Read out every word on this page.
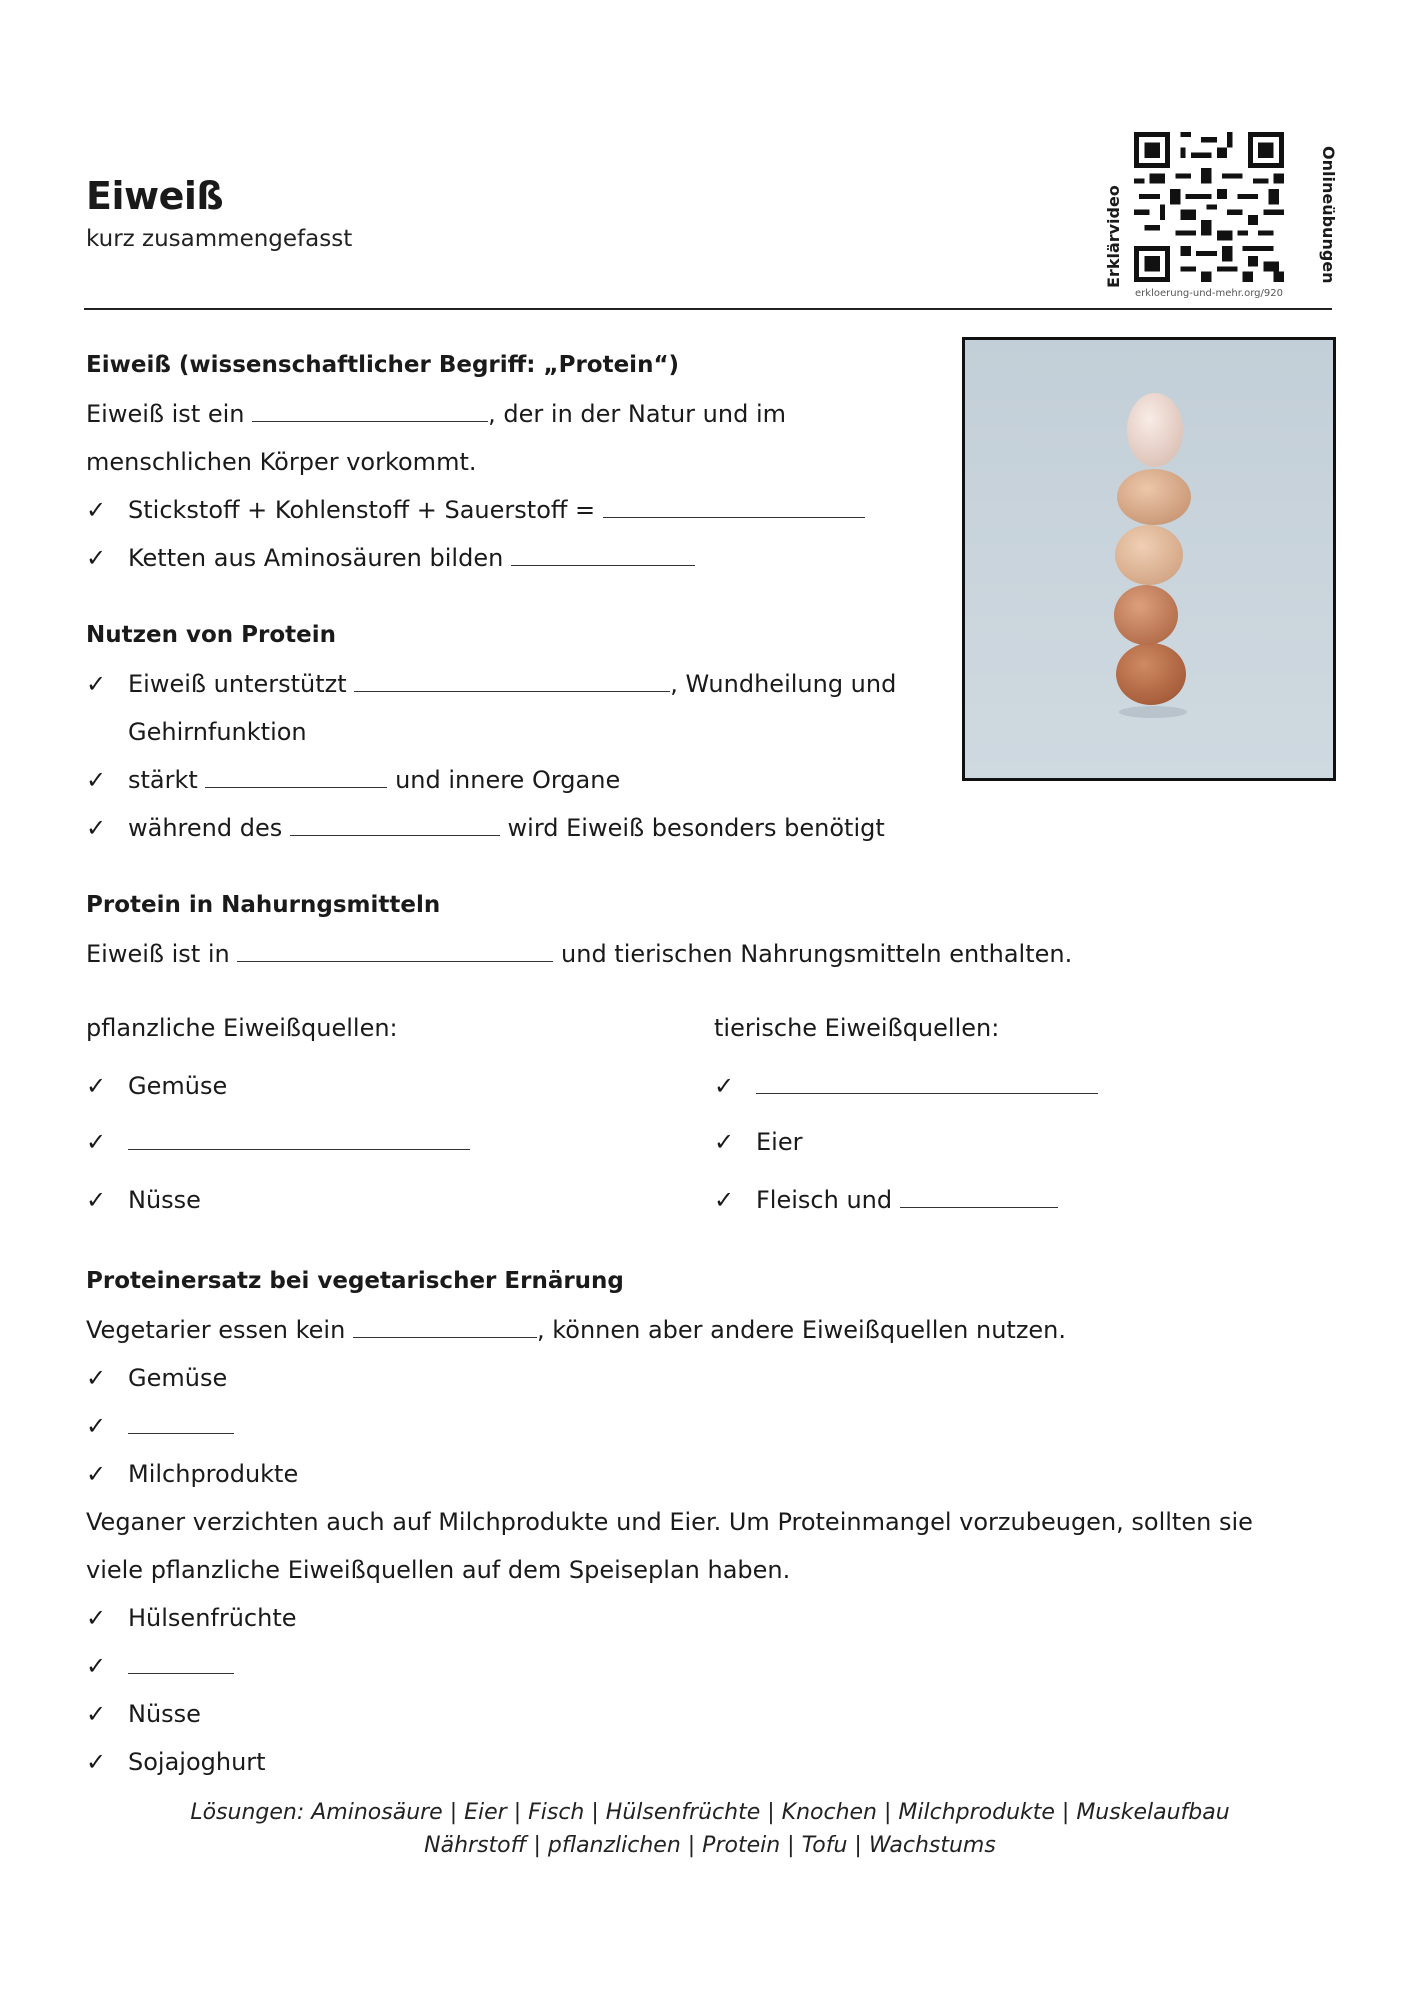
Eiweiß
kurz zusammengefasst	Erklärvideo
erkloerung-und-mehr.org/920
Onlineübungen
Eiweiß (wissenschaftlicher Begriff: „Protein“)
Eiweiß ist ein	, der in der Natur und im
menschlichen Körper vorkommt.
✓ Stickstoff + Kohlenstoff + Sauerstoff =
✓ Ketten aus Aminosäuren bilden
Nutzen von Protein
✓ Eiweiß unterstützt	, Wundheilung und
Gehirnfunktion
✓ stärkt	und innere Organe
✓ während des	wird Eiweiß besonders benötigt
Protein in Nahurngsmitteln
Eiweiß ist in	und tierischen Nahrungsmitteln enthalten.
pflanzliche Eiweißquellen:
✓ Gemüse
✓
✓ Nüsse
tierische Eiweißquellen:
✓
✓ Eier
✓ Fleisch und
Proteinersatz bei vegetarischer Ernärung
Vegetarier essen kein	, können aber andere Eiweißquellen nutzen.
✓ Gemüse
✓
✓ Milchprodukte
Veganer verzichten auch auf Milchprodukte und Eier. Um Proteinmangel vorzubeugen, sollten sie
viele pflanzliche Eiweißquellen auf dem Speiseplan haben.
✓ Hülsenfrüchte
✓
✓ Nüsse
✓ Sojajoghurt
Lösungen: Aminosäure | Eier | Fisch | Hülsenfrüchte | Knochen | Milchprodukte | Muskelaufbau
Nährstoff | pflanzlichen | Protein | Tofu | Wachstums
